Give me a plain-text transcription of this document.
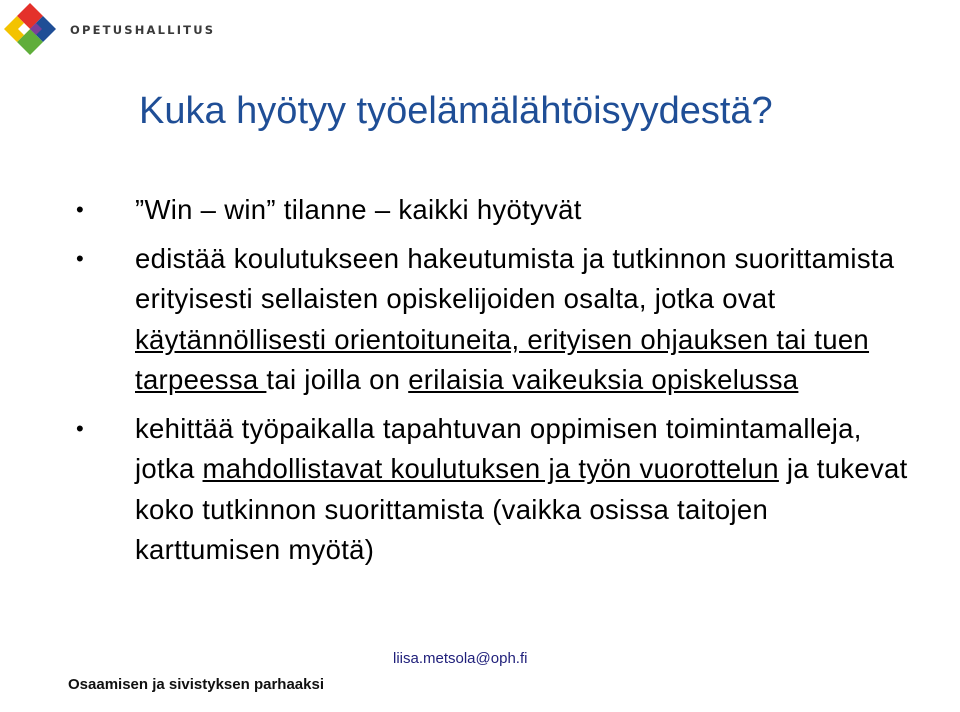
OPETUSHALLITUS
Kuka hyötyy työelämälähtöisyydestä?
• ”Win – win” tilanne – kaikki hyötyvät
• edistää koulutukseen hakeutumista ja tutkinnon suorittamista erityisesti sellaisten opiskelijoiden osalta, jotka ovat käytännöllisesti orientoituneita, erityisen ohjauksen tai tuen tarpeessa tai joilla on erilaisia vaikeuksia opiskelussa
• kehittää työpaikalla tapahtuvan oppimisen toimintamalleja, jotka mahdollistavat koulutuksen ja työn vuorottelun ja tukevat koko tutkinnon suorittamista (vaikka osissa taitojen karttumisen myötä)
liisa.metsola@oph.fi
Osaamisen ja sivistyksen parhaaksi
